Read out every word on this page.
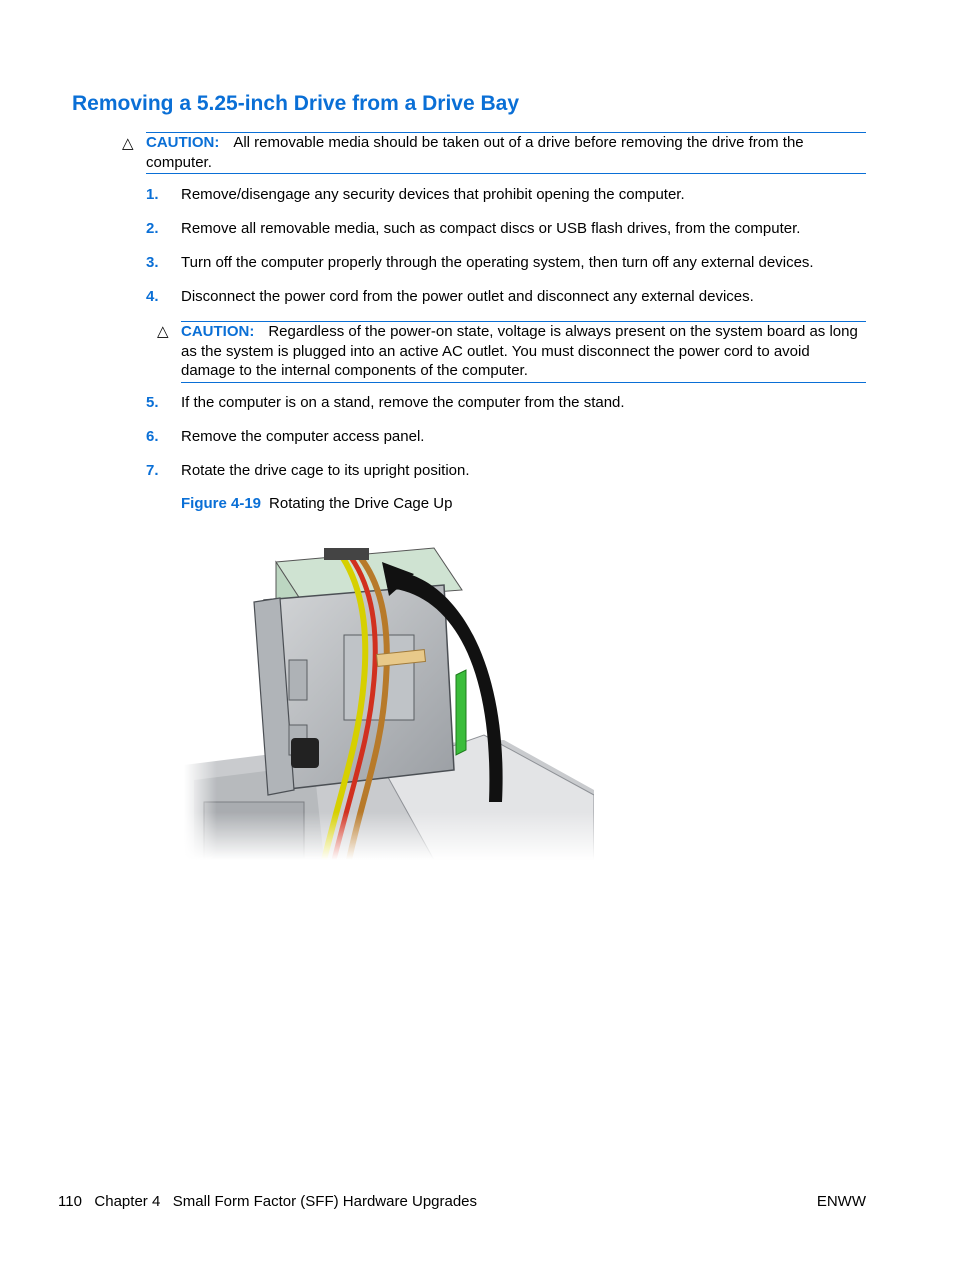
Removing a 5.25-inch Drive from a Drive Bay
△ CAUTION: All removable media should be taken out of a drive before removing the drive from the computer.
1. Remove/disengage any security devices that prohibit opening the computer.
2. Remove all removable media, such as compact discs or USB flash drives, from the computer.
3. Turn off the computer properly through the operating system, then turn off any external devices.
4. Disconnect the power cord from the power outlet and disconnect any external devices.
△ CAUTION: Regardless of the power-on state, voltage is always present on the system board as long as the system is plugged into an active AC outlet. You must disconnect the power cord to avoid damage to the internal components of the computer.
5. If the computer is on a stand, remove the computer from the stand.
6. Remove the computer access panel.
7. Rotate the drive cage to its upright position.
Figure 4-19 Rotating the Drive Cage Up
110   Chapter 4   Small Form Factor (SFF) Hardware Upgrades	ENWW
